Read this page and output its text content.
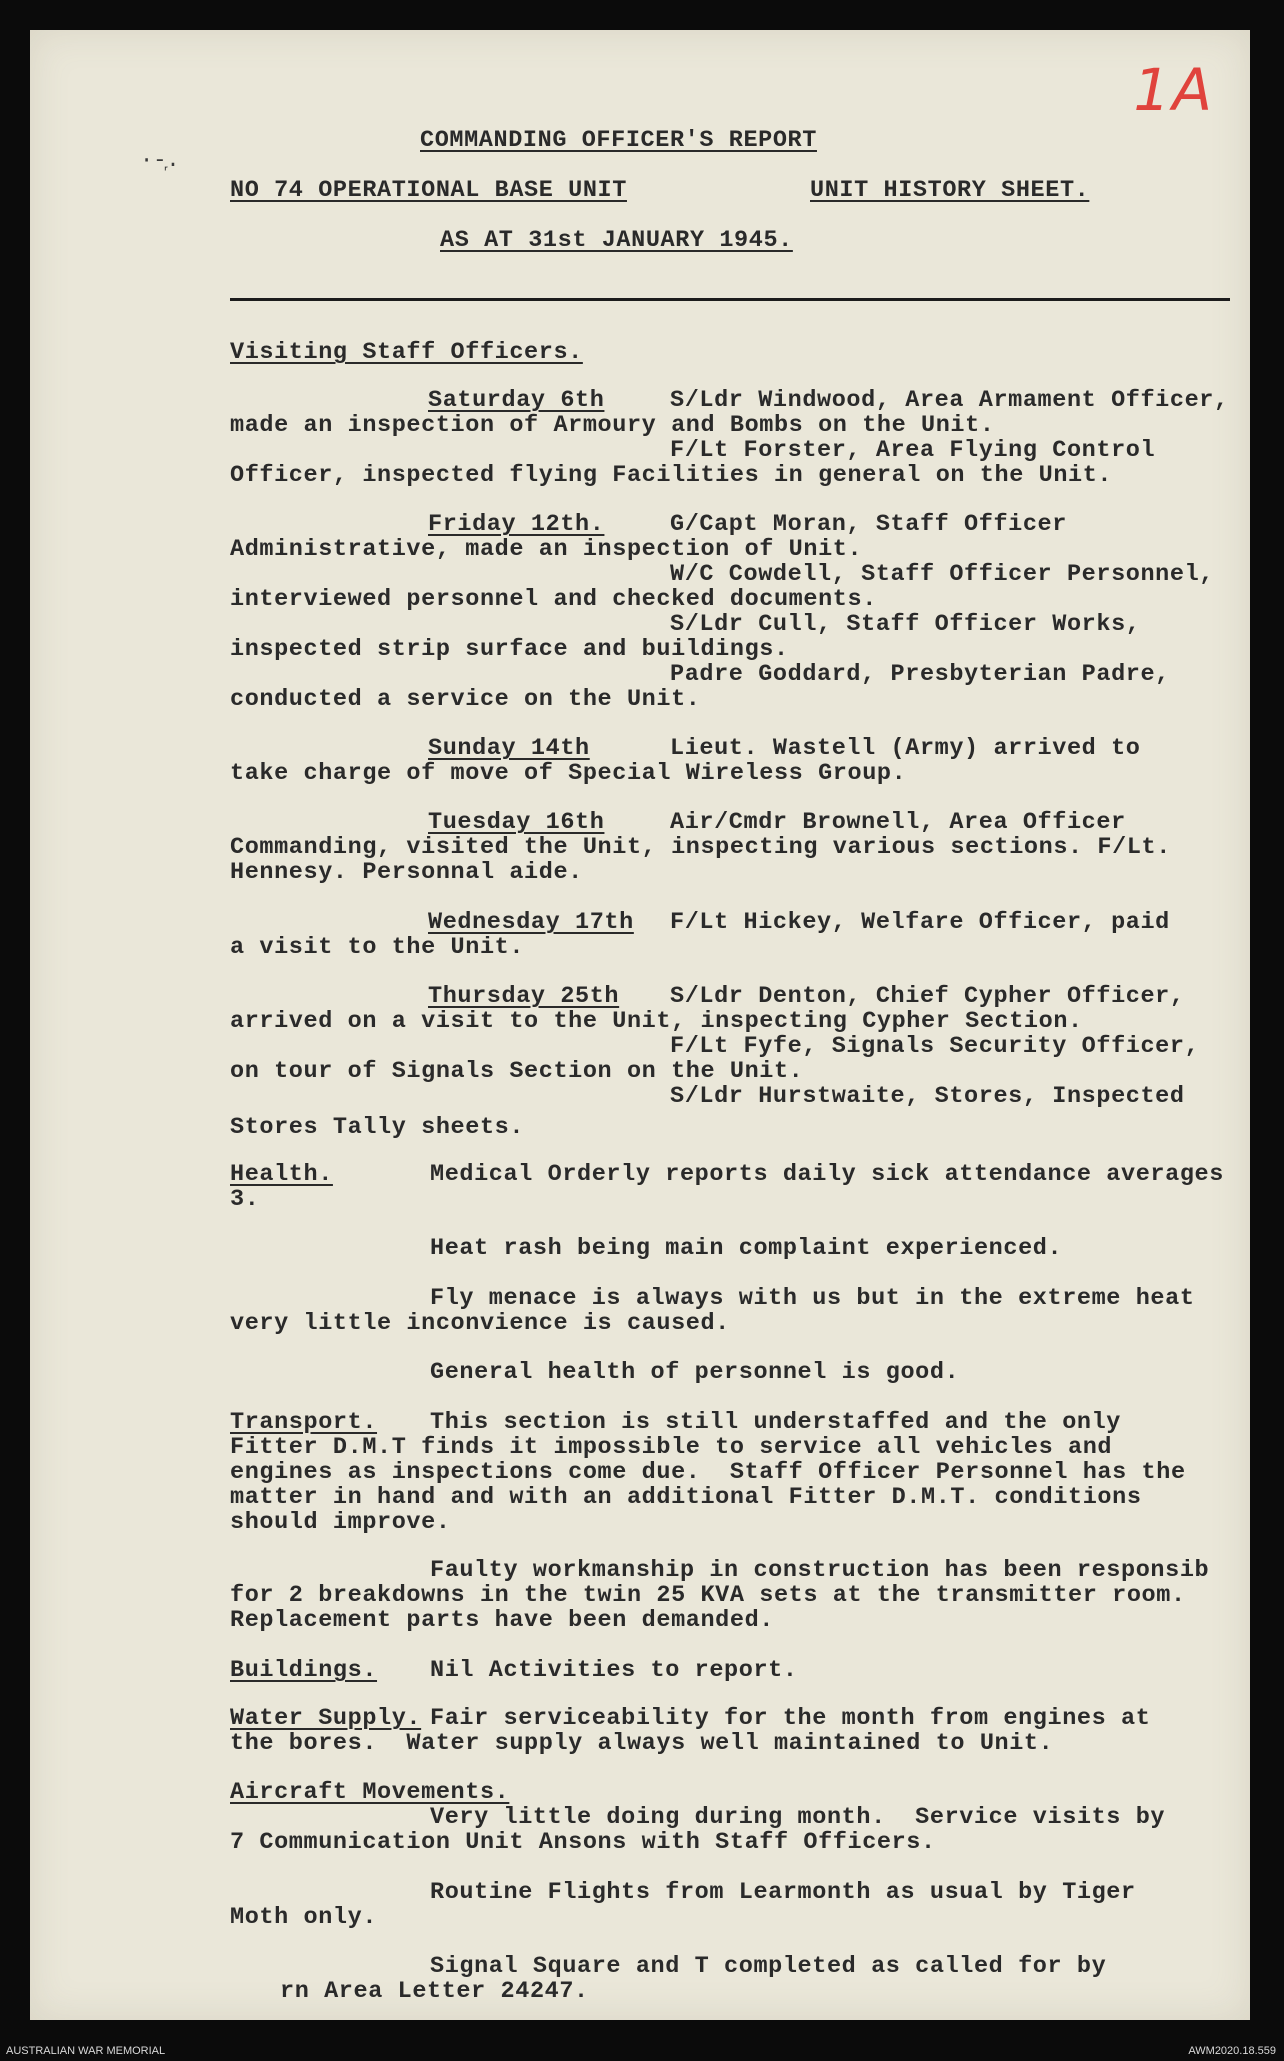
1A
·-᷊.
COMMANDING OFFICER'S REPORT
NO 74 OPERATIONAL BASE UNIT	UNIT HISTORY SHEET.
AS AT 31st JANUARY 1945.
Visiting Staff Officers.
Saturday 6th	S/Ldr Windwood, Area Armament Officer,
made an inspection of Armoury and Bombs on the Unit.
F/Lt Forster, Area Flying Control
Officer, inspected flying Facilities in general on the Unit.
Friday 12th.	G/Capt Moran, Staff Officer
Administrative, made an inspection of Unit.
W/C Cowdell, Staff Officer Personnel,
interviewed personnel and checked documents.
S/Ldr Cull, Staff Officer Works,
inspected strip surface and buildings.
Padre Goddard, Presbyterian Padre,
conducted a service on the Unit.
Sunday 14th	Lieut. Wastell (Army) arrived to
take charge of move of Special Wireless Group.
Tuesday 16th	Air/Cmdr Brownell, Area Officer
Commanding, visited the Unit, inspecting various sections. F/Lt.
Hennesy. Personnal aide.
Wednesday 17th F/Lt Hickey, Welfare Officer, paid
a visit to the Unit.
Thursday 25th S/Ldr Denton, Chief Cypher Officer,
arrived on a visit to the Unit, inspecting Cypher Section.
F/Lt Fyfe, Signals Security Officer,
on tour of Signals Section on the Unit.
S/Ldr Hurstwaite, Stores, Inspected
Stores Tally sheets.
Health.	Medical Orderly reports daily sick attendance averages
3.
Heat rash being main complaint experienced.
Fly menace is always with us but in the extreme heat
very little inconvience is caused.
General health of personnel is good.
Transport. This section is still understaffed and the only
Fitter D.M.T finds it impossible to service all vehicles and
engines as inspections come due.  Staff Officer Personnel has the
matter in hand and with an additional Fitter D.M.T. conditions
should improve.
Faulty workmanship in construction has been responsib
for 2 breakdowns in the twin 25 KVA sets at the transmitter room.
Replacement parts have been demanded.
Buildings. Nil Activities to report.
Water Supply. Fair serviceability for the month from engines at
the bores.  Water supply always well maintained to Unit.
Aircraft Movements.
Very little doing during month.  Service visits by
7 Communication Unit Ansons with Staff Officers.
Routine Flights from Learmonth as usual by Tiger
Moth only.
Signal Square and T completed as called for by
rn Area Letter 24247.
AUSTRALIAN WAR MEMORIAL	AWM2020.18.559
